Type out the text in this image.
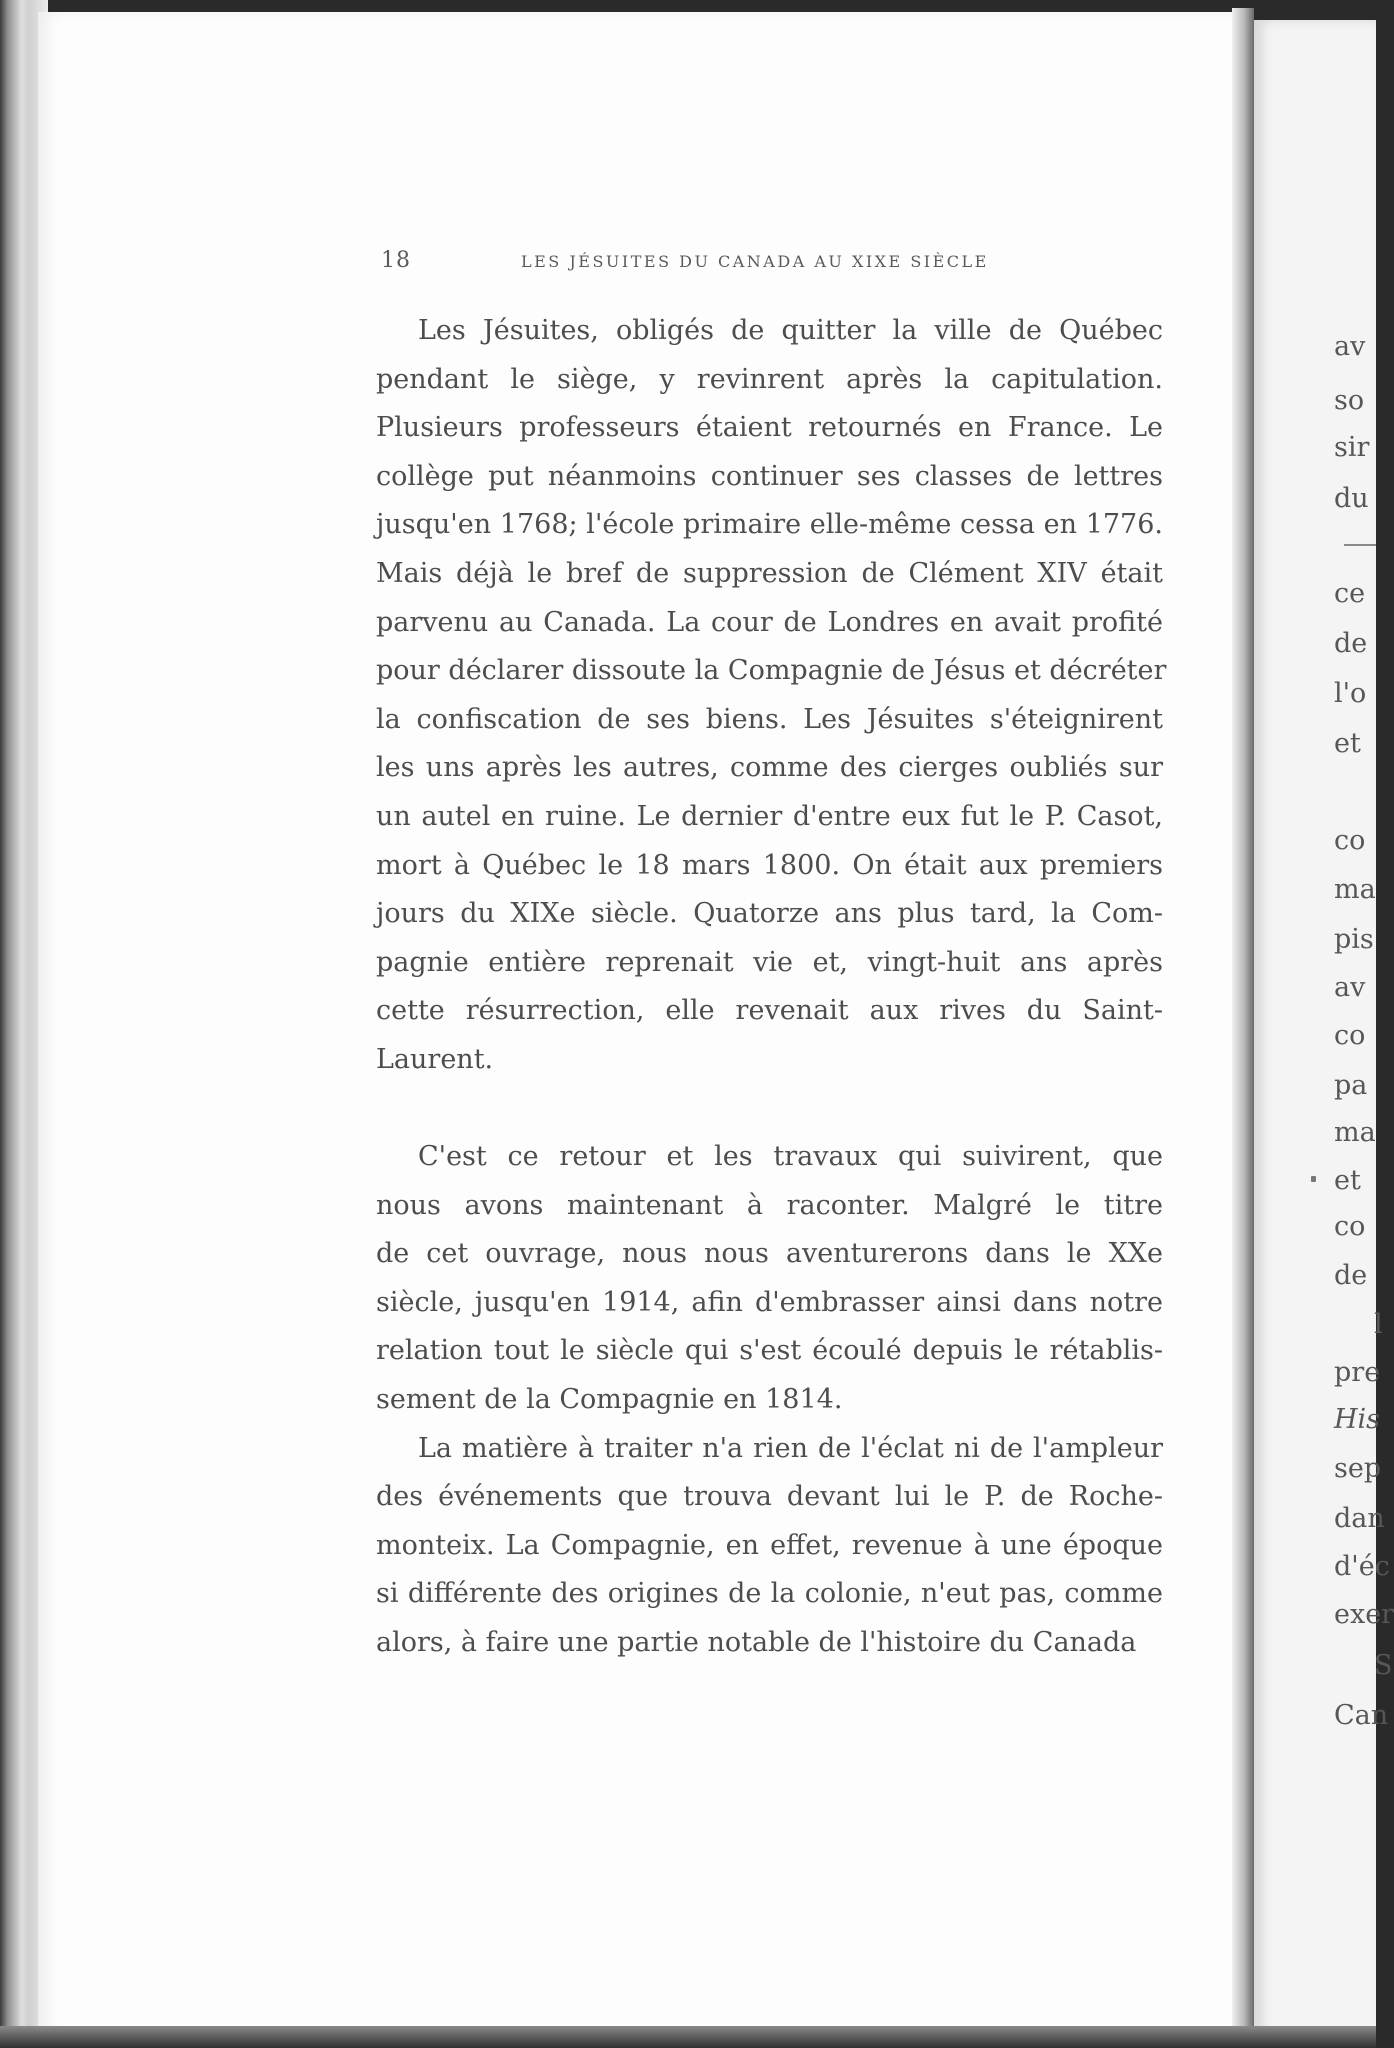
av
so
sir
du
ce
de
l'o
et
co
ma
pis
av
co
pa
ma
et
co
de
l
pre
His
sep
dan
d'éc
exer
S
Can
18	LES JÉSUITES DU CANADA AU XIXE SIÈCLE
Les Jésuites, obligés de quitter la ville de Québec
pendant le siège, y revinrent après la capitulation.
Plusieurs professeurs étaient retournés en France. Le
collège put néanmoins continuer ses classes de lettres
jusqu'en 1768; l'école primaire elle-même cessa en 1776.
Mais déjà le bref de suppression de Clément XIV était
parvenu au Canada. La cour de Londres en avait profité
pour déclarer dissoute la Compagnie de Jésus et décréter
la confiscation de ses biens. Les Jésuites s'éteignirent
les uns après les autres, comme des cierges oubliés sur
un autel en ruine. Le dernier d'entre eux fut le P. Casot,
mort à Québec le 18 mars 1800. On était aux premiers
jours du XIXe siècle. Quatorze ans plus tard, la Com-
pagnie entière reprenait vie et, vingt-huit ans après
cette résurrection, elle revenait aux rives du Saint-
Laurent.
C'est ce retour et les travaux qui suivirent, que
nous avons maintenant à raconter. Malgré le titre
de cet ouvrage, nous nous aventurerons dans le XXe
siècle, jusqu'en 1914, afin d'embrasser ainsi dans notre
relation tout le siècle qui s'est écoulé depuis le rétablis-
sement de la Compagnie en 1814.
La matière à traiter n'a rien de l'éclat ni de l'ampleur
des événements que trouva devant lui le P. de Roche-
monteix. La Compagnie, en effet, revenue à une époque
si différente des origines de la colonie, n'eut pas, comme
alors, à faire une partie notable de l'histoire du Canada
